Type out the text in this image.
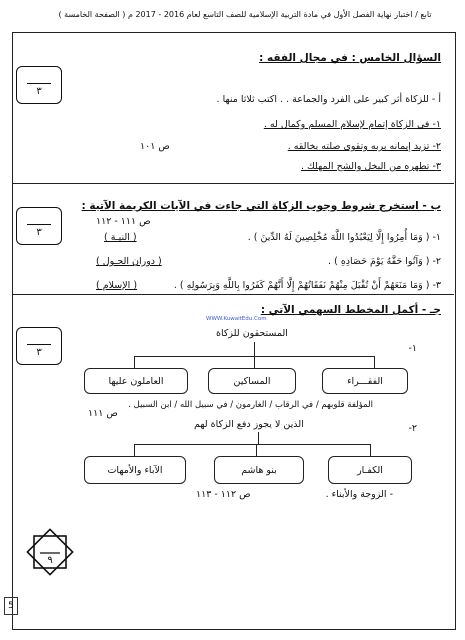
تابع / اختبار نهاية الفصل الأول في مادة التربية الإسلامية للصف التاسع لعام 2016 - 2017 م ( الصفحة الخامسة )
السؤال الخامس : في مجال الفقه :
٣
أ - للزكاة أثر كبير على الفرد والجماعة . . اكتب ثلاثا منها .
١- في الزكاة إتمام لإسلام المسلم وكمال له .
٢- تزيد إيمانه بربه وتقوى صلته بخالقه .
ص ١٠١
٣- تطهره من البخل والشح المهلك .
ب - استخرج شروط وجوب الزكاة التي جاءت في الآيات الكريمة الآتية :
٣
ص ١١١ - ١١٢
١- ( وَمَا أُمِرُوا إِلَّا لِيَعْبُدُوا اللَّهَ مُخْلِصِينَ لَهُ الدِّينَ ) .
( النيـة )
٢- ( وَآتُوا حَقَّهُ يَوْمَ حَصَادِهِ ) .
( دوران الحـول )
٣- ( وَمَا مَنَعَهُمْ أَنْ تُقْبَلَ مِنْهُمْ نَفَقَاتُهُمْ إِلَّا أَنَّهُمْ كَفَرُوا بِاللَّهِ وَبِرَسُولِهِ ) .
( الإسلام )
جـ - أكمل المخطط السهمي الآتي :
٣
WWW.KuwaitEdu.Com
١-
المستحقون للزكاة
الفقـــراء
المساكين
العاملون عليها
المؤلفة قلوبهم / في الرقاب / الغارمون / في سبيل الله / ابن السبيل .
ص ١١١
٢-
الذين لا يجوز دفع الزكاة لهم
الكفـار
بنو هاشم
الآباء والأمهات
- الزوجة والأبناء .
ص ١١٢ - ١١٣
٩
5
